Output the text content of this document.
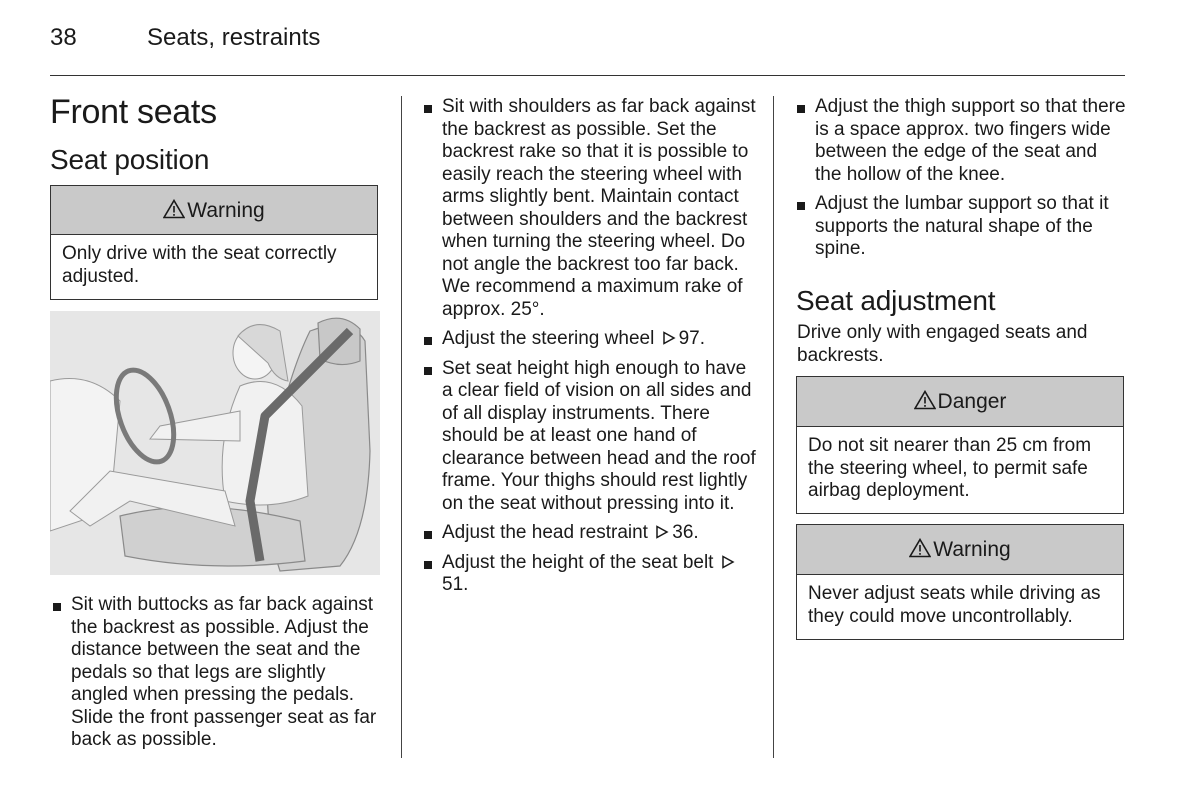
38	Seats, restraints
Front seats
Seat position
Warning
Only drive with the seat correctly adjusted.
Sit with buttocks as far back against the backrest as possible. Adjust the distance between the seat and the pedals so that legs are slightly angled when pressing the pedals. Slide the front passenger seat as far back as possible.
Sit with shoulders as far back against the backrest as possible. Set the backrest rake so that it is possible to easily reach the steering wheel with arms slightly bent. Maintain contact between shoulders and the backrest when turning the steering wheel. Do not angle the backrest too far back. We recommend a maximum rake of approx. 25°.
Adjust the steering wheel 97.
Set seat height high enough to have a clear field of vision on all sides and of all display instruments. There should be at least one hand of clearance between head and the roof frame. Your thighs should rest lightly on the seat without pressing into it.
Adjust the head restraint 36.
Adjust the height of the seat belt 51.
Adjust the thigh support so that there is a space approx. two fingers wide between the edge of the seat and the hollow of the knee.
Adjust the lumbar support so that it supports the natural shape of the spine.
Seat adjustment
Drive only with engaged seats and backrests.
Danger
Do not sit nearer than 25 cm from the steering wheel, to permit safe airbag deployment.
Warning
Never adjust seats while driving as they could move uncontrollably.
